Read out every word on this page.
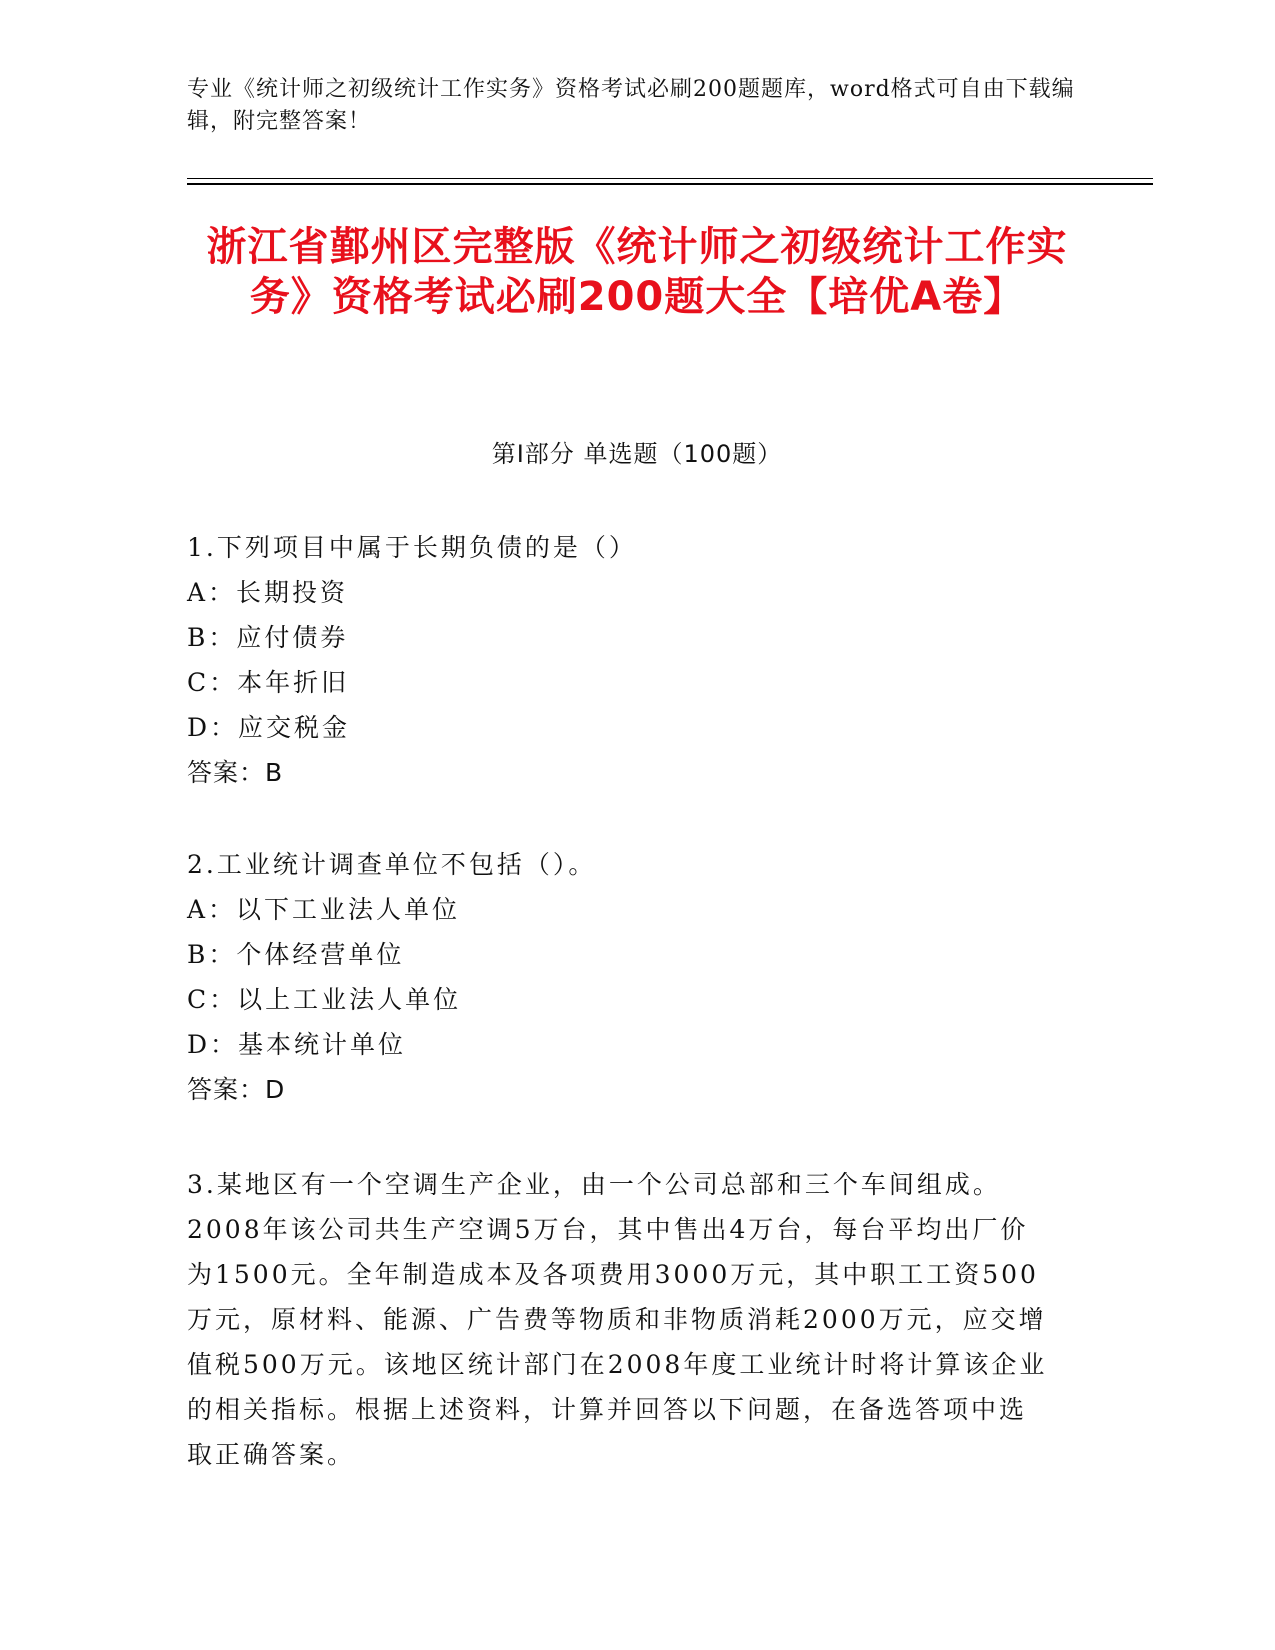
专业《统计师之初级统计工作实务》资格考试必刷200题题库，word格式可自由下载编辑，附完整答案！
浙江省鄞州区完整版《统计师之初级统计工作实务》资格考试必刷200题大全【培优A卷】
第I部分 单选题（100题）
1.下列项目中属于长期负债的是（）
A：长期投资
B：应付债券
C：本年折旧
D：应交税金
答案：B
2.工业统计调查单位不包括（）。
A：以下工业法人单位
B：个体经营单位
C：以上工业法人单位
D：基本统计单位
答案：D
3.某地区有一个空调生产企业，由一个公司总部和三个车间组成。
2008年该公司共生产空调5万台，其中售出4万台，每台平均出厂价
为1500元。全年制造成本及各项费用3000万元，其中职工工资500
万元，原材料、能源、广告费等物质和非物质消耗2000万元，应交增
值税500万元。该地区统计部门在2008年度工业统计时将计算该企业
的相关指标。根据上述资料，计算并回答以下问题，在备选答项中选
取正确答案。
